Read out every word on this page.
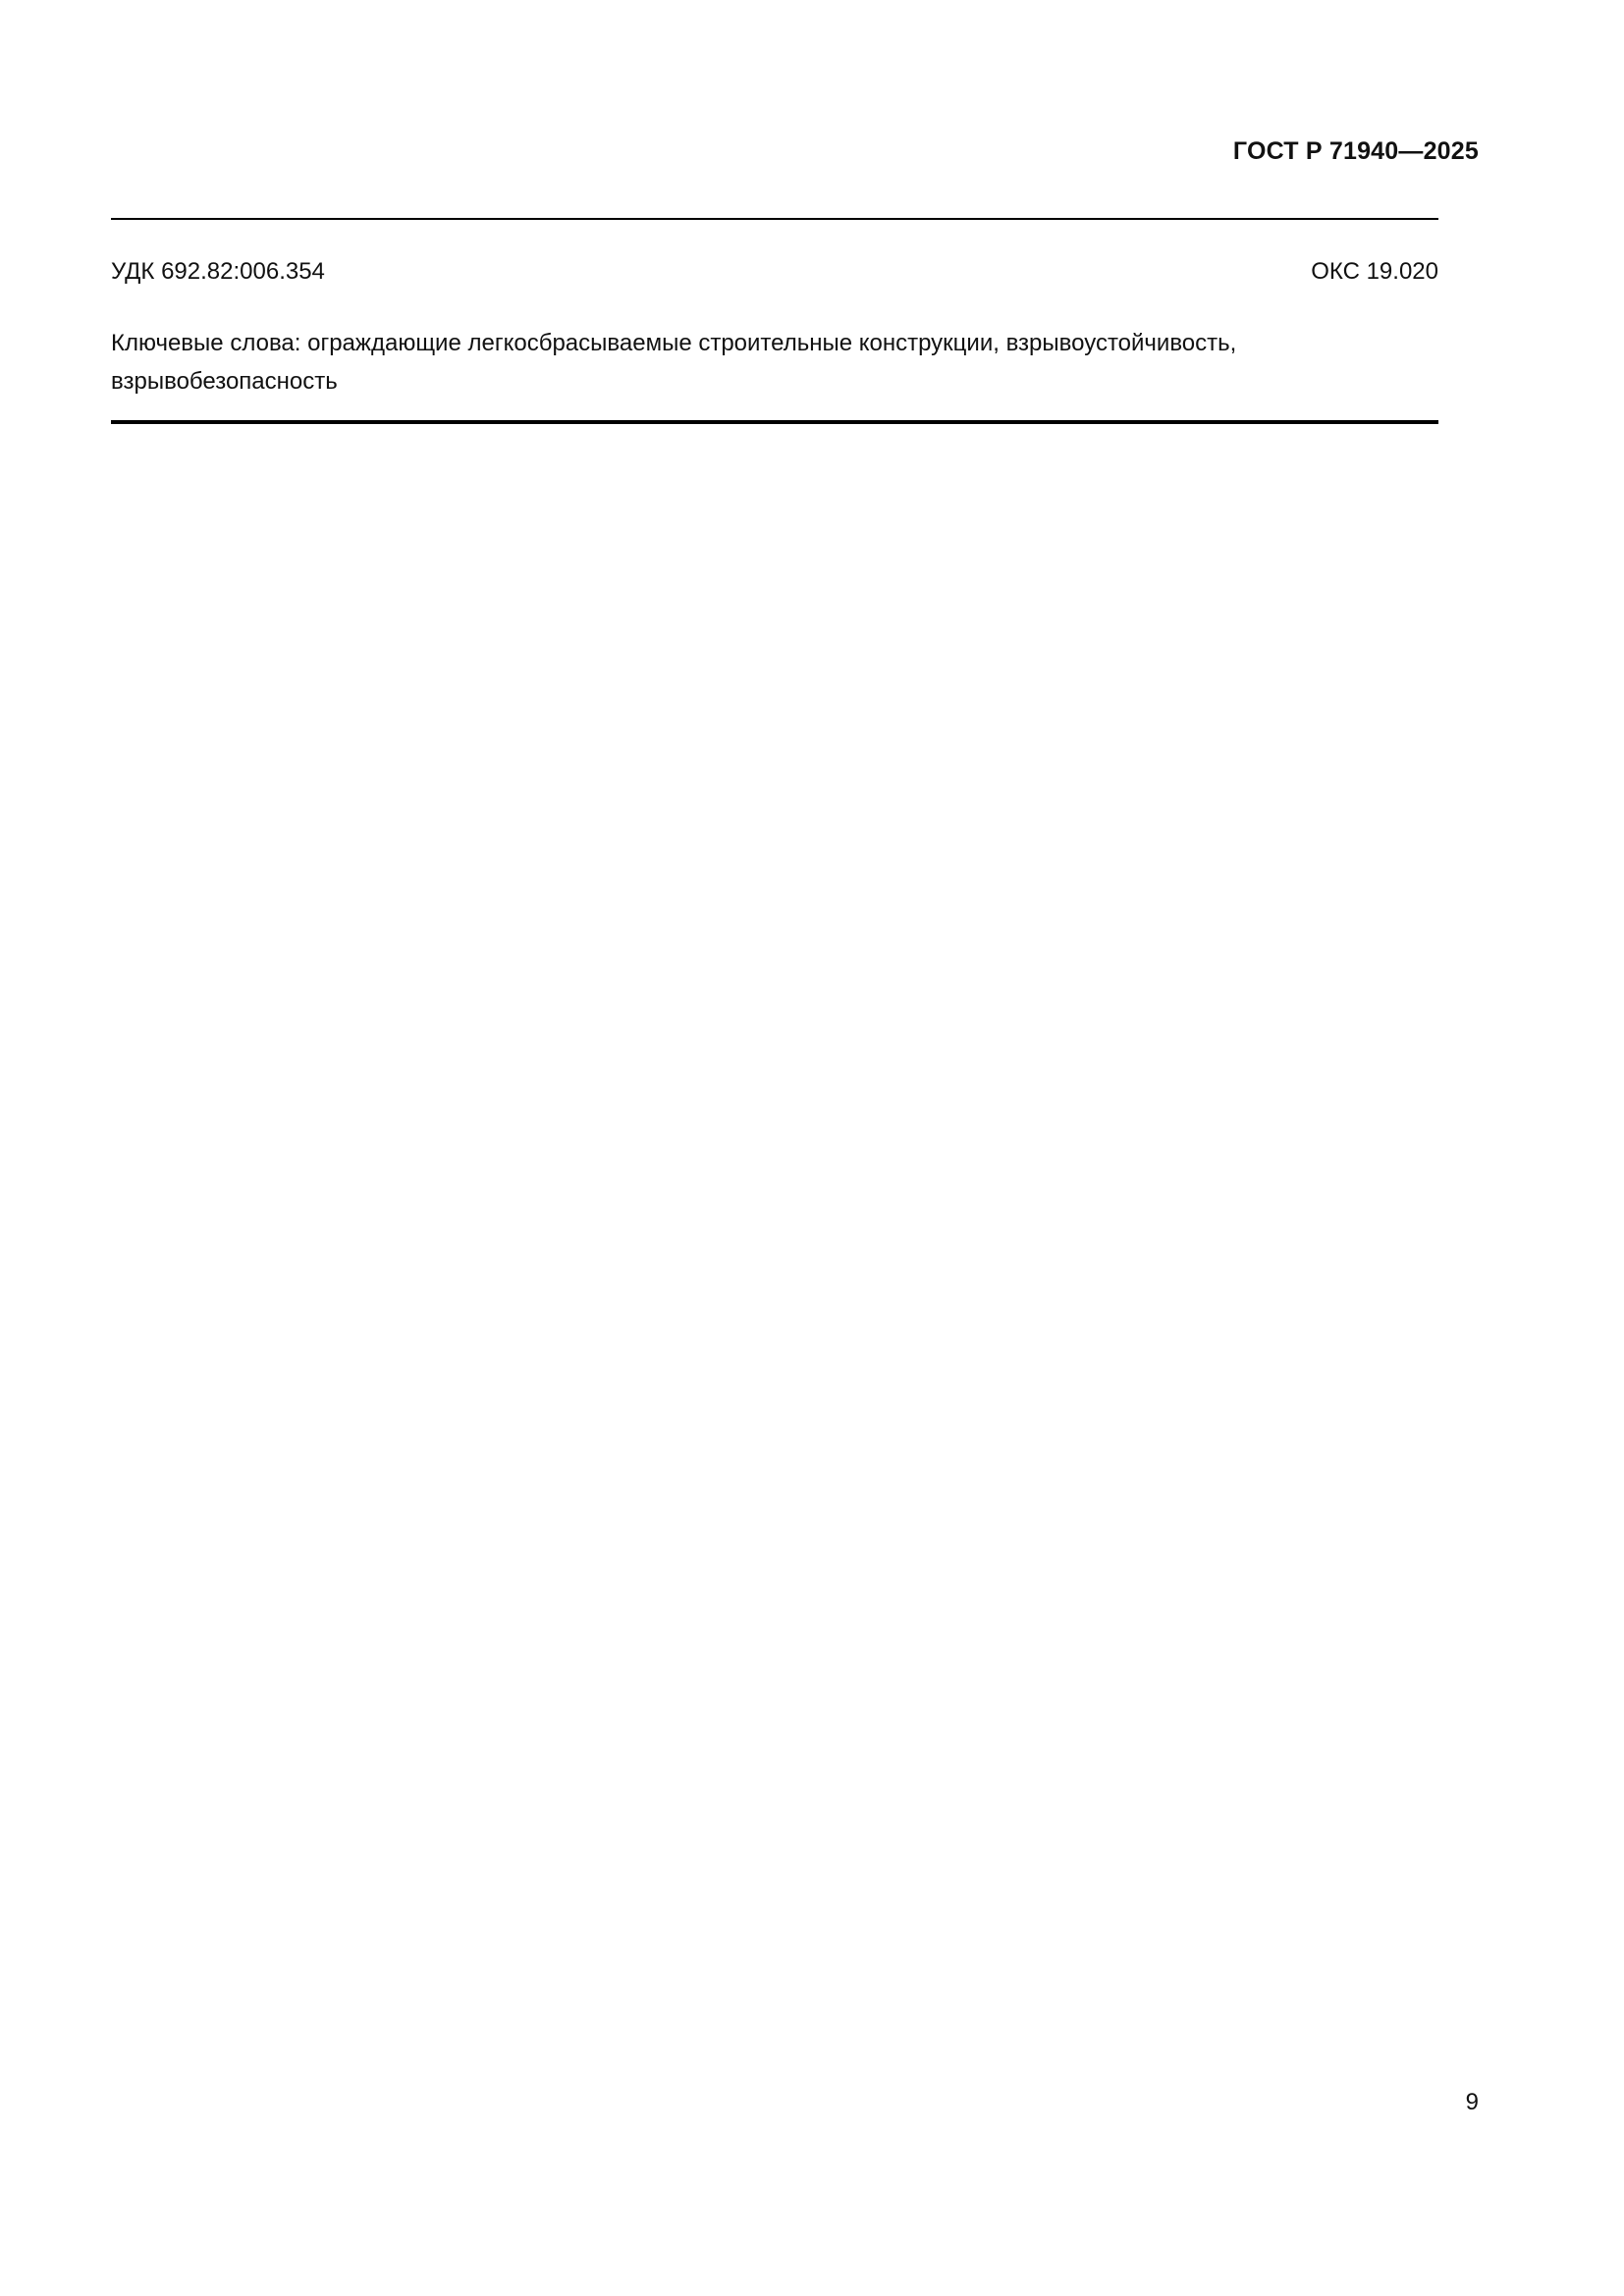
ГОСТ Р 71940—2025
УДК 692.82:006.354	ОКС 19.020
Ключевые слова: ограждающие легкосбрасываемые строительные конструкции, взрывоустойчивость, взрывобезопасность
9
